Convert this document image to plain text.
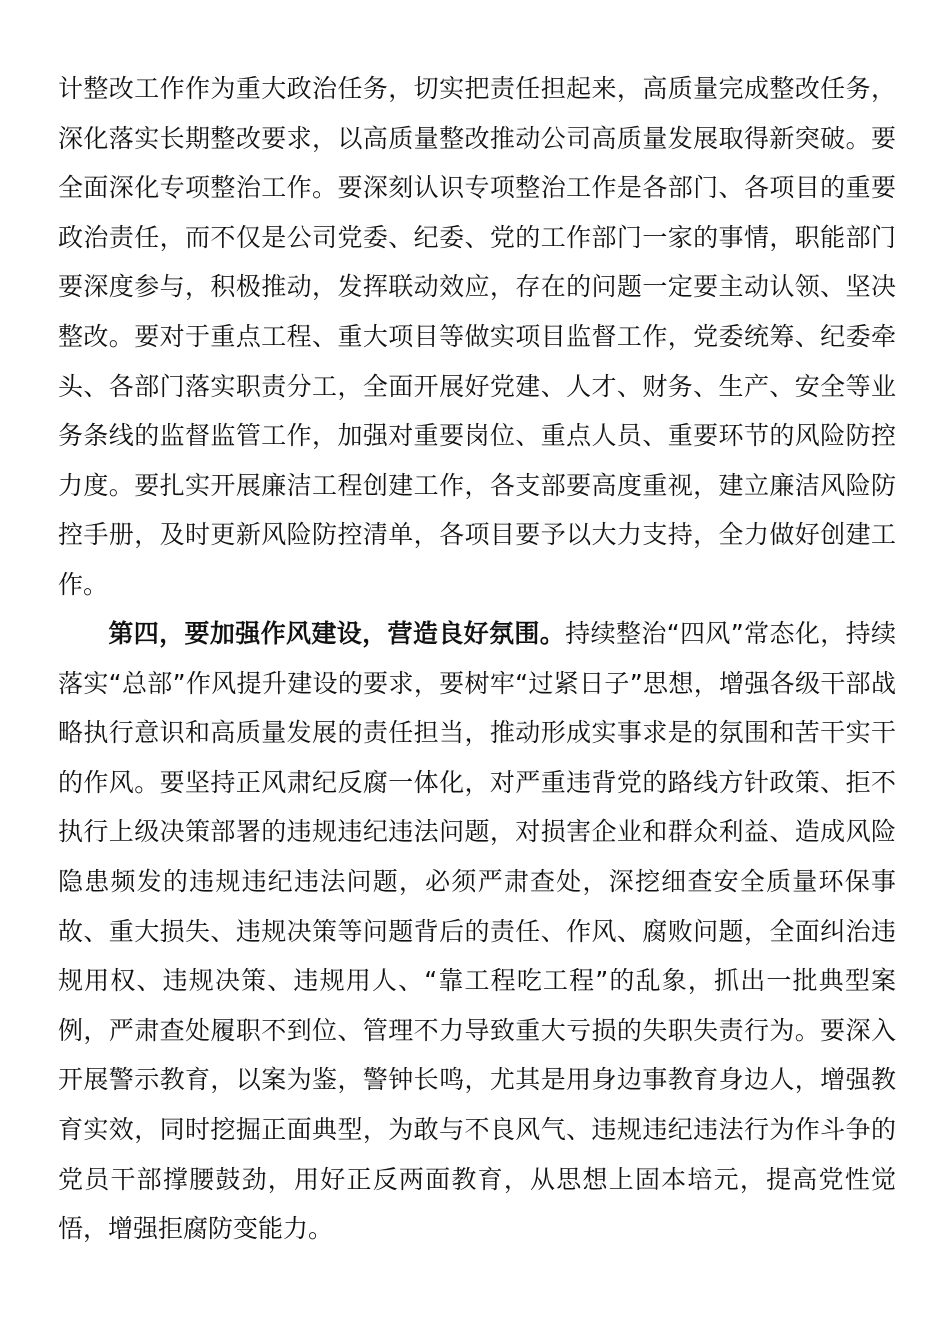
计整改工作作为重大政治任务，切实把责任担起来，高质量完成整改任务，深化落实长期整改要求，以高质量整改推动公司高质量发展取得新突破。要全面深化专项整治工作。要深刻认识专项整治工作是各部门、各项目的重要政治责任，而不仅是公司党委、纪委、党的工作部门一家的事情，职能部门要深度参与，积极推动，发挥联动效应，存在的问题一定要主动认领、坚决整改。要对于重点工程、重大项目等做实项目监督工作，党委统筹、纪委牵头、各部门落实职责分工，全面开展好党建、人才、财务、生产、安全等业务条线的监督监管工作，加强对重要岗位、重点人员、重要环节的风险防控力度。要扎实开展廉洁工程创建工作，各支部要高度重视，建立廉洁风险防控手册，及时更新风险防控清单，各项目要予以大力支持，全力做好创建工作。

第四，要加强作风建设，营造良好氛围。持续整治“四风”常态化，持续落实“总部”作风提升建设的要求，要树牢“过紧日子”思想，增强各级干部战略执行意识和高质量发展的责任担当，推动形成实事求是的氛围和苦干实干的作风。要坚持正风肃纪反腐一体化，对严重违背党的路线方针政策、拒不执行上级决策部署的违规违纪违法问题，对损害企业和群众利益、造成风险隐患频发的违规违纪违法问题，必须严肃查处，深挖细查安全质量环保事故、重大损失、违规决策等问题背后的责任、作风、腐败问题，全面纠治违规用权、违规决策、违规用人、“靠工程吃工程”的乱象，抓出一批典型案例，严肃查处履职不到位、管理不力导致重大亏损的失职失责行为。要深入开展警示教育，以案为鉴，警钟长鸣，尤其是用身边事教育身边人，增强教育实效，同时挖掘正面典型，为敢与不良风气、违规违纪违法行为作斗争的党员干部撑腰鼓劲，用好正反两面教育，从思想上固本培元，提高党性觉悟，增强拒腐防变能力。
